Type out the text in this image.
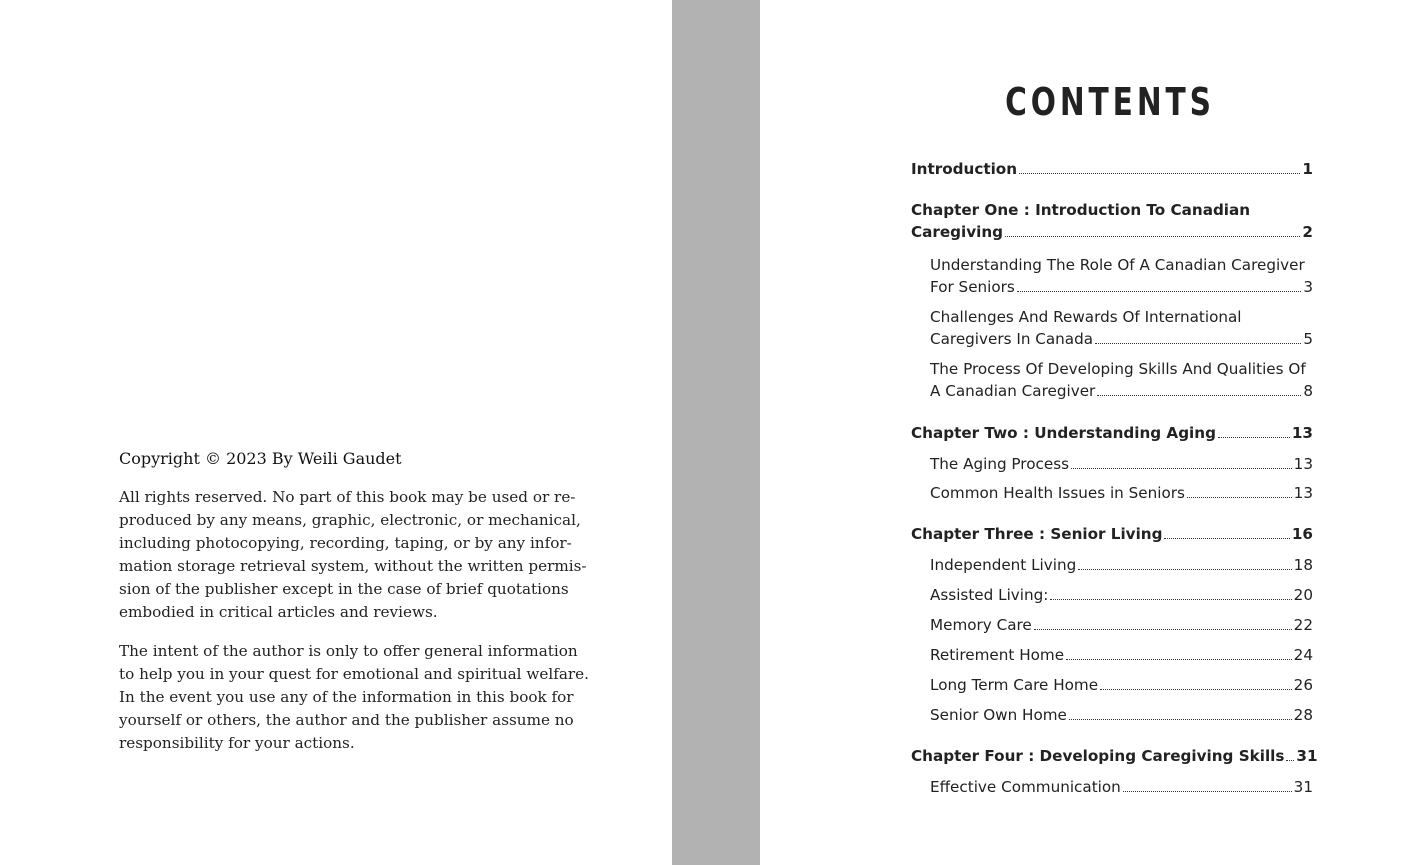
Copyright © 2023 By Weili Gaudet
All rights reserved. No part of this book may be used or re-
produced by any means, graphic, electronic, or mechanical,
including photocopying, recording, taping, or by any infor-
mation storage retrieval system, without the written permis-
sion of the publisher except in the case of brief quotations
embodied in critical articles and reviews.
The intent of the author is only to offer general information
to help you in your quest for emotional and spiritual welfare.
In the event you use any of the information in this book for
yourself or others, the author and the publisher assume no
responsibility for your actions.
CONTENTS
Introduction	1
Chapter One : Introduction To Canadian
Caregiving	2
Understanding The Role Of A Canadian Caregiver
For Seniors	3
Challenges And Rewards Of International
Caregivers In Canada	5
The Process Of Developing Skills And Qualities Of
A Canadian Caregiver	8
Chapter Two : Understanding Aging	13
The Aging Process	13
Common Health Issues in Seniors	13
Chapter Three : Senior Living	16
Independent Living	18
Assisted Living:	20
Memory Care	22
Retirement Home	24
Long Term Care Home	26
Senior Own Home	28
Chapter Four : Developing Caregiving Skills 31
Effective Communication	31
